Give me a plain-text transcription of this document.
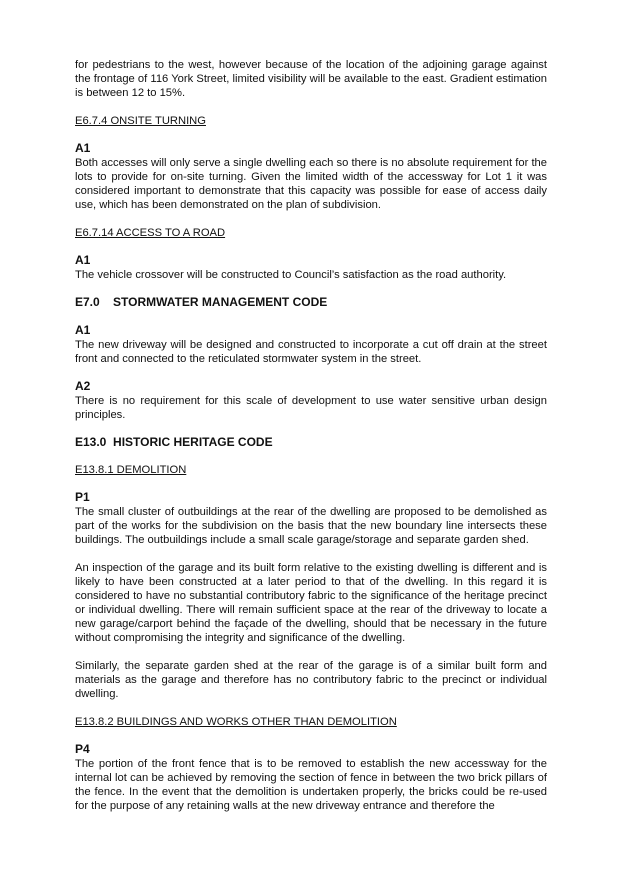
for pedestrians to the west, however because of the location of the adjoining garage against the frontage of 116 York Street, limited visibility will be available to the east. Gradient estimation is between 12 to 15%.

E6.7.4 ONSITE TURNING

A1

Both accesses will only serve a single dwelling each so there is no absolute requirement for the lots to provide for on-site turning. Given the limited width of the accessway for Lot 1 it was considered important to demonstrate that this capacity was possible for ease of access daily use, which has been demonstrated on the plan of subdivision.

E6.7.14 ACCESS TO A ROAD

A1

The vehicle crossover will be constructed to Council’s satisfaction as the road authority.

E7.0    STORMWATER MANAGEMENT CODE

A1

The new driveway will be designed and constructed to incorporate a cut off drain at the street front and connected to the reticulated stormwater system in the street.

A2

There is no requirement for this scale of development to use water sensitive urban design principles.

E13.0  HISTORIC HERITAGE CODE

E13.8.1 DEMOLITION

P1

The small cluster of outbuildings at the rear of the dwelling are proposed to be demolished as part of the works for the subdivision on the basis that the new boundary line intersects these buildings. The outbuildings include a small scale garage/storage and separate garden shed.

An inspection of the garage and its built form relative to the existing dwelling is different and is likely to have been constructed at a later period to that of the dwelling. In this regard it is considered to have no substantial contributory fabric to the significance of the heritage precinct or individual dwelling. There will remain sufficient space at the rear of the driveway to locate a new garage/carport behind the façade of the dwelling, should that be necessary in the future without compromising the integrity and significance of the dwelling.

Similarly, the separate garden shed at the rear of the garage is of a similar built form and materials as the garage and therefore has no contributory fabric to the precinct or individual dwelling.

E13.8.2 BUILDINGS AND WORKS OTHER THAN DEMOLITION

P4

The portion of the front fence that is to be removed to establish the new accessway for the internal lot can be achieved by removing the section of fence in between the two brick pillars of the fence. In the event that the demolition is undertaken properly, the bricks could be re-used for the purpose of any retaining walls at the new driveway entrance and therefore the
